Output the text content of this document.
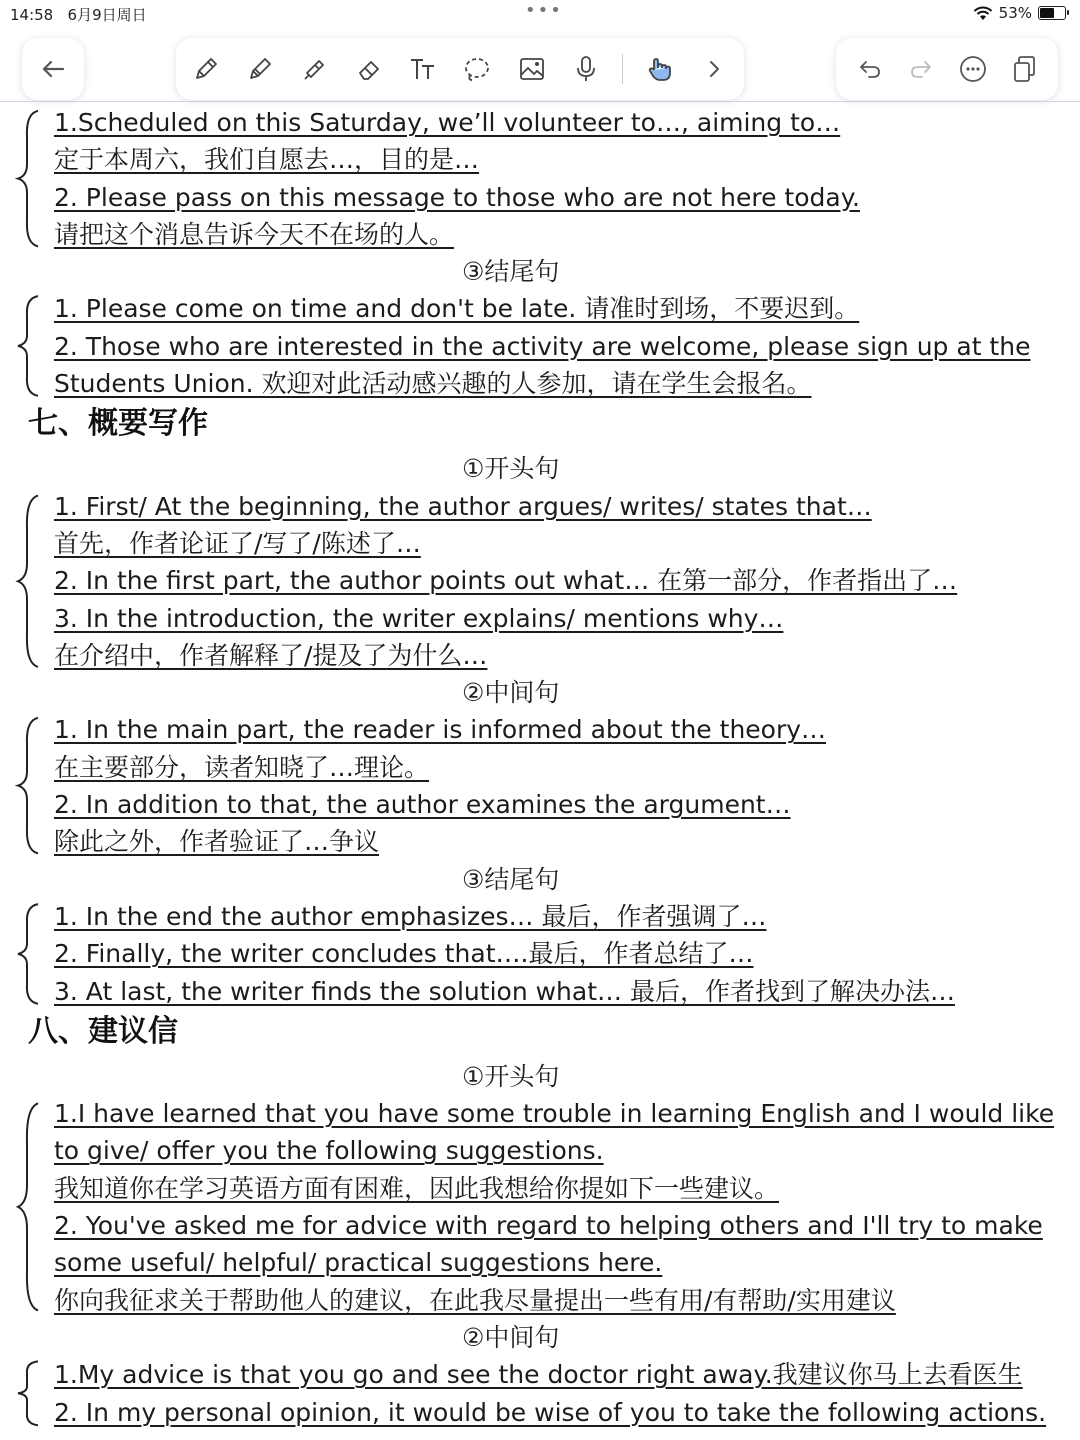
14:58 6月9日周日	•••	53%
1.Scheduled on this Saturday, we’ll volunteer to…, aiming to…
定于本周六，我们自愿去…，目的是…
2. Please pass on this message to those who are not here today.
请把这个消息告诉今天不在场的人。
③结尾句
1. Please come on time and don't be late. 请准时到场，不要迟到。
2. Those who are interested in the activity are welcome, please sign up at the
Students Union. 欢迎对此活动感兴趣的人参加，请在学生会报名。
七、概要写作
①开头句
1. First/ At the beginning, the author argues/ writes/ states that…
首先，作者论证了/写了/陈述了…
2. In the first part, the author points out what… 在第一部分，作者指出了…
3. In the introduction, the writer explains/ mentions why…
在介绍中，作者解释了/提及了为什么…
②中间句
1. In the main part, the reader is informed about the theory…
在主要部分，读者知晓了…理论。
2. In addition to that, the author examines the argument…
除此之外，作者验证了…争议
③结尾句
1. In the end the author emphasizes… 最后，作者强调了…
2. Finally, the writer concludes that….最后，作者总结了…
3. At last, the writer finds the solution what… 最后，作者找到了解决办法…
八、建议信
①开头句
1.I have learned that you have some trouble in learning English and I would like
to give/ offer you the following suggestions.
我知道你在学习英语方面有困难，因此我想给你提如下一些建议。
2. You've asked me for advice with regard to helping others and I'll try to make
some useful/ helpful/ practical suggestions here.
你向我征求关于帮助他人的建议，在此我尽量提出一些有用/有帮助/实用建议
②中间句
1.My advice is that you go and see the doctor right away.我建议你马上去看医生
2. In my personal opinion, it would be wise of you to take the following actions.
